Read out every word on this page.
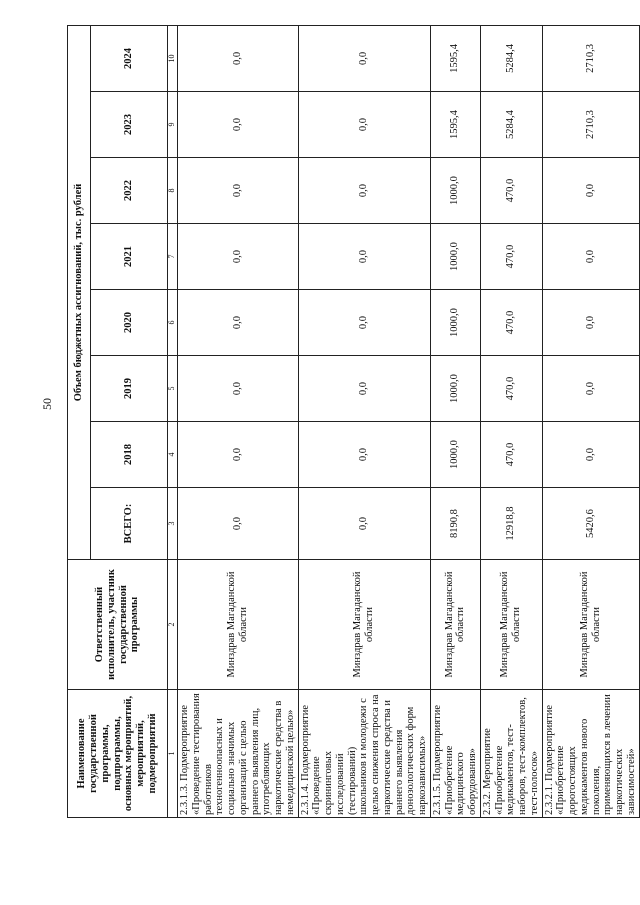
50
Наименование государственной программы, подпрограммы, основных мероприятий, мероприятий, подмероприятий	Ответственный исполнитель, участник государственной программы	Объем бюджетных ассигнований, тыс. рублей							
		ВСЕГО:	2018	2019	2020	2021	2022	2023	2024
1	2	3	4	5	6	7	8	9	10
2.3.1.3. Подмероприятие «Проведение тестирования работников техногенноопасных и социально значимых организаций с целью раннего выявления лиц, употребляющих наркотические средства в немедицинской целью»	Минздрав Магаданской области	0,0	0,0	0,0	0,0	0,0	0,0	0,0	0,0
2.3.1.4. Подмероприятие «Проведение скрининговых исследований (тестирований) школьников и молодежи с целью снижения спроса на наркотические средства и раннего выявления донозологических форм наркозависимых»	Минздрав Магаданской области	0,0	0,0	0,0	0,0	0,0	0,0	0,0	0,0
2.3.1.5. Подмероприятие «Приобретение медицинского оборудования»	Минздрав Магаданской области	8190,8	1000,0	1000,0	1000,0	1000,0	1000,0	1595,4	1595,4
2.3.2. Мероприятие «Приобретение медикаментов, тест-наборов, тест-комплектов, тест-полосок»	Минздрав Магаданской области	12918,8	470,0	470,0	470,0	470,0	470,0	5284,4	5284,4
2.3.2.1. Подмероприятие «Приобретение дорогостоящих медикаментов нового поколения, применяющихся в лечении наркотических зависимостей»	Минздрав Магаданской области	5420,6	0,0	0,0	0,0	0,0	0,0	2710,3	2710,3
